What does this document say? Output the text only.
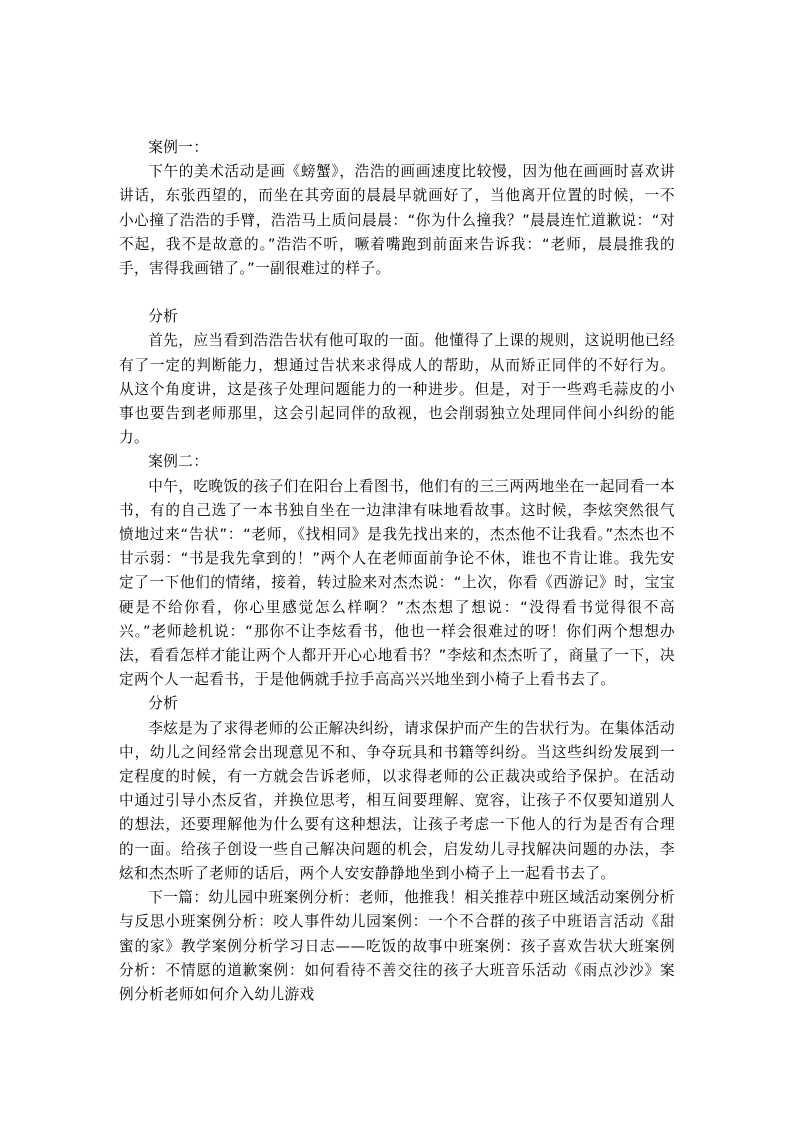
案例一：

下午的美术活动是画《螃蟹》，浩浩的画画速度比较慢，因为他在画画时喜欢讲讲话，东张西望的，而坐在其旁面的晨晨早就画好了，当他离开位置的时候，一不小心撞了浩浩的手臂，浩浩马上质问晨晨：“你为什么撞我？”晨晨连忙道歉说：“对不起，我不是故意的。”浩浩不听，噘着嘴跑到前面来告诉我：“老师，晨晨推我的手，害得我画错了。”一副很难过的样子。

分析

首先，应当看到浩浩告状有他可取的一面。他懂得了上课的规则，这说明他已经有了一定的判断能力，想通过告状来求得成人的帮助，从而矫正同伴的不好行为。从这个角度讲，这是孩子处理问题能力的一种进步。但是，对于一些鸡毛蒜皮的小事也要告到老师那里，这会引起同伴的敌视，也会削弱独立处理同伴间小纠纷的能力。

案例二：

中午，吃晚饭的孩子们在阳台上看图书，他们有的三三两两地坐在一起同看一本书，有的自己选了一本书独自坐在一边津津有味地看故事。这时候，李炫突然很气愤地过来“告状”：“老师，《找相同》是我先找出来的，杰杰他不让我看。”杰杰也不甘示弱：“书是我先拿到的！”两个人在老师面前争论不休，谁也不肯让谁。我先安定了一下他们的情绪，接着，转过脸来对杰杰说：“上次，你看《西游记》时，宝宝硬是不给你看，你心里感觉怎么样啊？”杰杰想了想说：“没得看书觉得很不高兴。”老师趁机说：“那你不让李炫看书，他也一样会很难过的呀！你们两个想想办法，看看怎样才能让两个人都开开心心地看书？”李炫和杰杰听了，商量了一下，决定两个人一起看书，于是他俩就手拉手高高兴兴地坐到小椅子上看书去了。

分析

李炫是为了求得老师的公正解决纠纷，请求保护而产生的告状行为。在集体活动中，幼儿之间经常会出现意见不和、争夺玩具和书籍等纠纷。当这些纠纷发展到一定程度的时候，有一方就会告诉老师，以求得老师的公正裁决或给予保护。在活动中通过引导小杰反省，并换位思考，相互间要理解、宽容，让孩子不仅要知道别人的想法，还要理解他为什么要有这种想法，让孩子考虑一下他人的行为是否有合理的一面。给孩子创设一些自己解决问题的机会，启发幼儿寻找解决问题的办法，李炫和杰杰听了老师的话后，两个人安安静静地坐到小椅子上一起看书去了。

下一篇：幼儿园中班案例分析：老师，他推我！相关推荐中班区域活动案例分析与反思小班案例分析：咬人事件幼儿园案例：一个不合群的孩子中班语言活动《甜蜜的家》教学案例分析学习日志——吃饭的故事中班案例：孩子喜欢告状大班案例分析：不情愿的道歉案例：如何看待不善交往的孩子大班音乐活动《雨点沙沙》案例分析老师如何介入幼儿游戏
